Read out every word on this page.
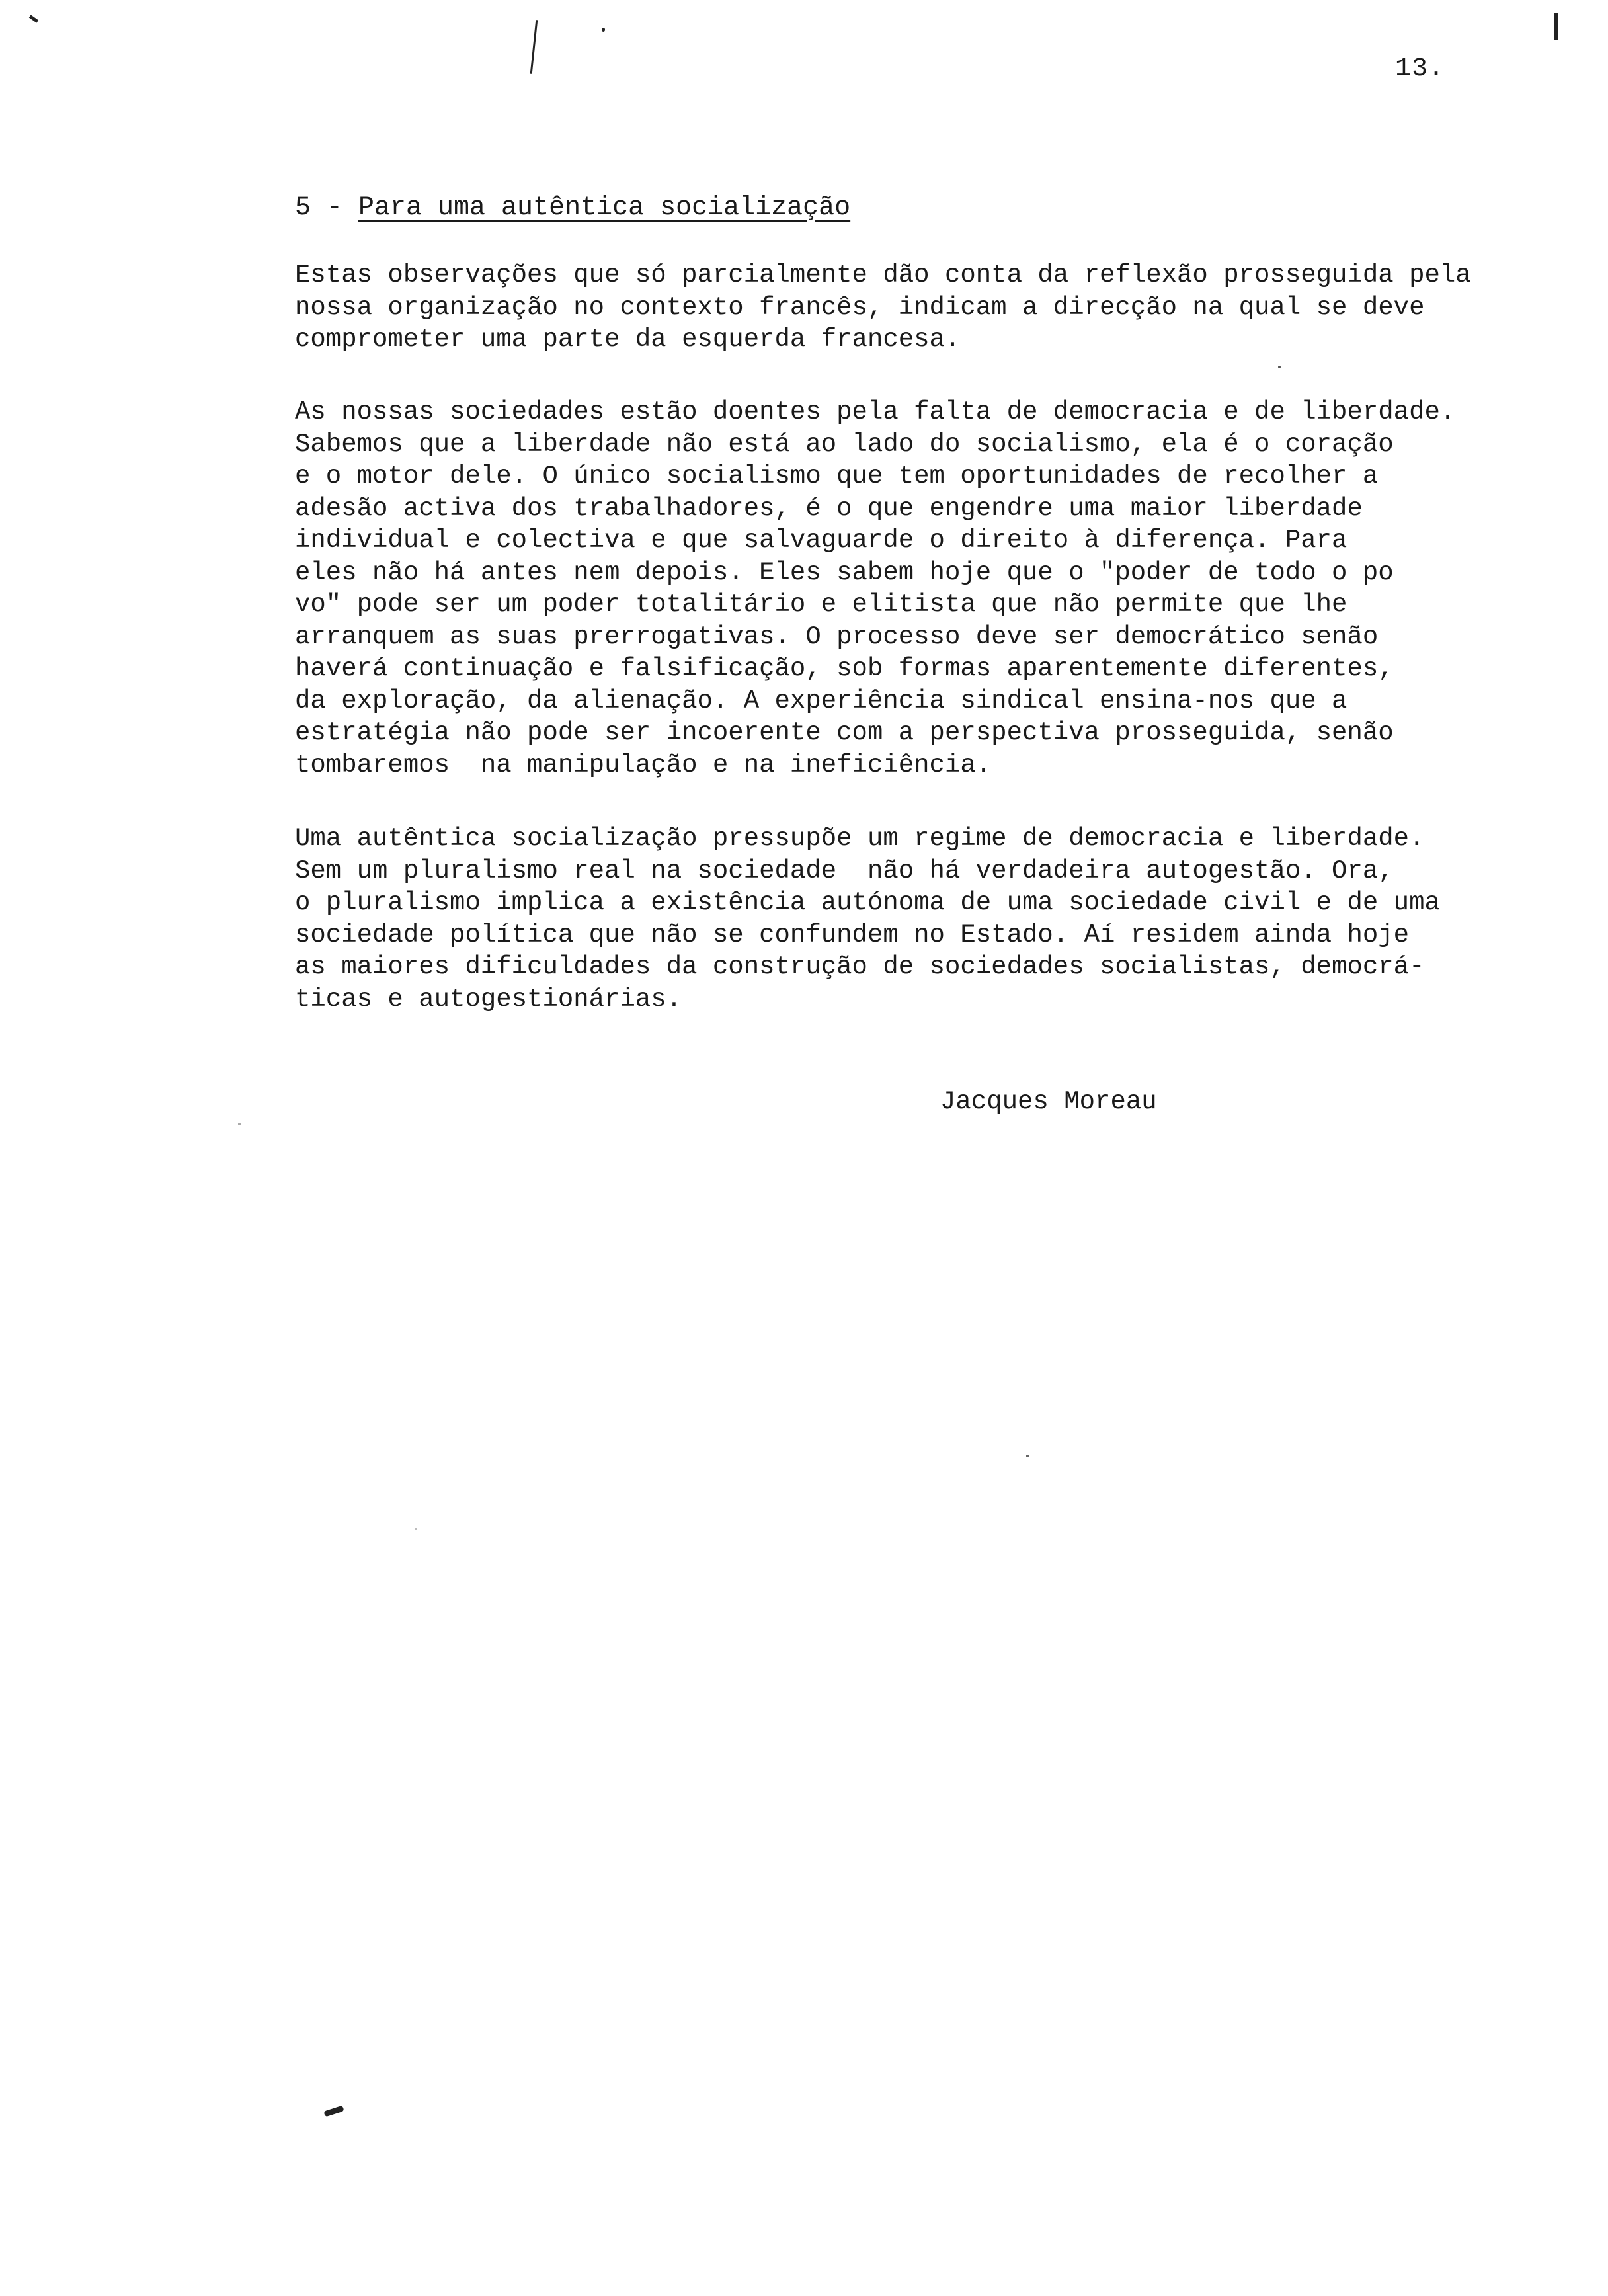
13.
5 - Para uma autêntica socialização

Estas observações que só parcialmente dão conta da reflexão prosseguida pela
nossa organização no contexto francês, indicam a direcção na qual se deve
comprometer uma parte da esquerda francesa.

As nossas sociedades estão doentes pela falta de democracia e de liberdade.
Sabemos que a liberdade não está ao lado do socialismo, ela é o coração
e o motor dele. O único socialismo que tem oportunidades de recolher a
adesão activa dos trabalhadores, é o que engendre uma maior liberdade
individual e colectiva e que salvaguarde o direito à diferença. Para
eles não há antes nem depois. Eles sabem hoje que o "poder de todo o po
vo" pode ser um poder totalitário e elitista que não permite que lhe
arranquem as suas prerrogativas. O processo deve ser democrático senão
haverá continuação e falsificação, sob formas aparentemente diferentes,
da exploração, da alienação. A experiência sindical ensina-nos que a
estratégia não pode ser incoerente com a perspectiva prosseguida, senão
tombaremos  na manipulação e na ineficiência.

Uma autêntica socialização pressupõe um regime de democracia e liberdade.
Sem um pluralismo real na sociedade  não há verdadeira autogestão. Ora,
o pluralismo implica a existência autónoma de uma sociedade civil e de uma
sociedade política que não se confundem no Estado. Aí residem ainda hoje
as maiores dificuldades da construção de sociedades socialistas, democrá-
ticas e autogestionárias.

Jacques Moreau
